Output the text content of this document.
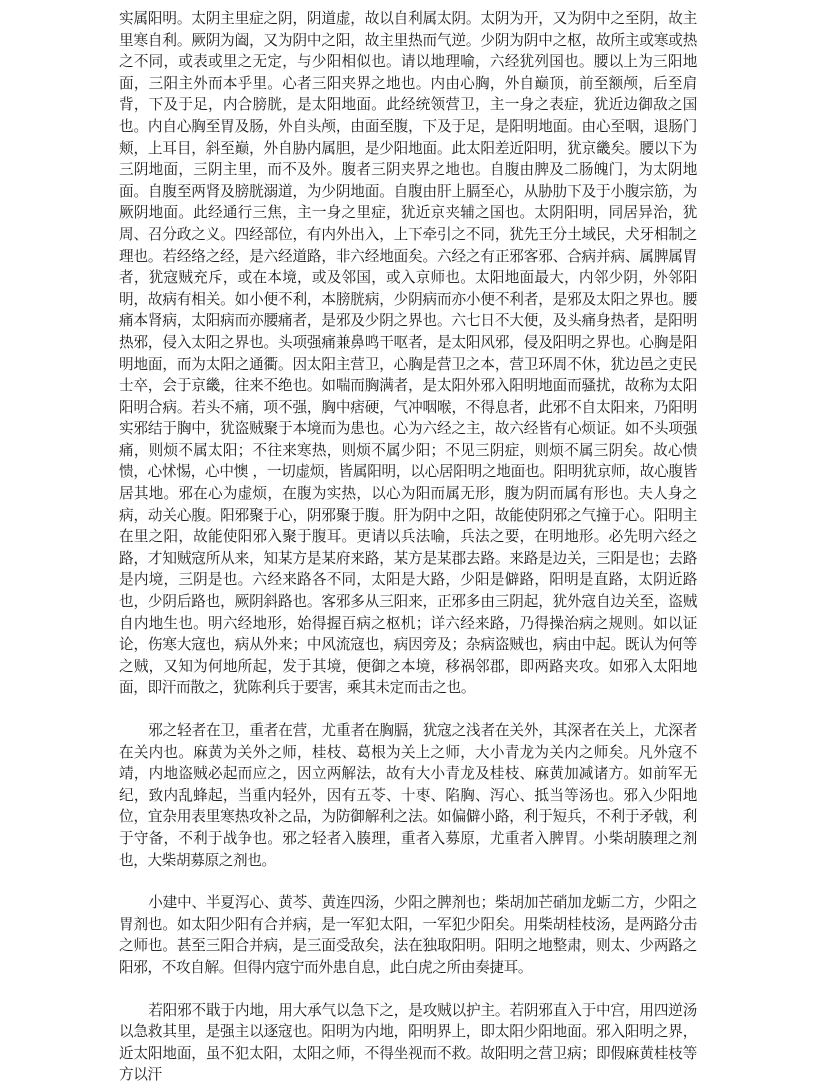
实属阳明。太阴主里症之阴，阴道虚，故以自利属太阴。太阴为开，又为阴中之至阴，故主里寒自利。厥阴为阖，又为阴中之阳，故主里热而气逆。少阴为阴中之枢，故所主或寒或热之不同，或表或里之无定，与少阳相似也。请以地理喻，六经犹列国也。腰以上为三阳地面，三阳主外而本乎里。心者三阳夹界之地也。内由心胸，外自巅顶，前至额颅，后至肩背，下及于足，内合膀胱，是太阳地面。此经统领营卫，主一身之表症，犹近边御敌之国也。内自心胸至胃及肠，外自头颅，由面至腹，下及于足，是阳明地面。由心至咽，退肠门颊，上耳目，斜至巅，外自胁内属胆，是少阳地面。此太阳差近阳明，犹京畿矣。腰以下为三阴地面，三阴主里，而不及外。腹者三阴夹界之地也。自腹由脾及二肠魄门，为太阴地面。自腹至两肾及膀胱溺道，为少阴地面。自腹由肝上膈至心，从胁肋下及于小腹宗筋，为厥阴地面。此经通行三焦，主一身之里症，犹近京夹辅之国也。太阴阳明，同居异治，犹周、召分政之义。四经部位，有内外出入，上下牵引之不同，犹先王分土域民，犬牙相制之理也。若经络之经，是六经道路，非六经地面矣。六经之有正邪客邪、合病并病、属脾属胃者，犹寇贼充斥，或在本境，或及邻国，或入京师也。太阳地面最大，内邻少阴，外邻阳明，故病有相关。如小便不利，本膀胱病，少阴病而亦小便不利者，是邪及太阳之界也。腰痛本肾病，太阳病而亦腰痛者，是邪及少阴之界也。六七日不大便，及头痛身热者，是阳明热邪，侵入太阳之界也。头项强痛兼鼻鸣干呕者，是太阳风邪，侵及阳明之界也。心胸是阳明地面，而为太阳之通衢。因太阳主营卫，心胸是营卫之本，营卫环周不休，犹边邑之吏民士卒，会于京畿，往来不绝也。如喘而胸满者，是太阳外邪入阳明地面而骚扰，故称为太阳阳明合病。若头不痛，项不强，胸中痞硬，气冲咽喉，不得息者，此邪不自太阳来，乃阳明实邪结于胸中，犹盗贼聚于本境而为患也。心为六经之主，故六经皆有心烦证。如不头项强痛，则烦不属太阳；不往来寒热，则烦不属少阳；不见三阴症，则烦不属三阴矣。故心愦愦，心怵惕，心中懊 ，一切虚烦，皆属阳明，以心居阳明之地面也。阳明犹京师，故心腹皆居其地。邪在心为虚烦，在腹为实热，以心为阳而属无形，腹为阴而属有形也。夫人身之病，动关心腹。阳邪聚于心，阴邪聚于腹。肝为阴中之阳，故能使阴邪之气撞于心。阳明主在里之阳，故能使阳邪入聚于腹耳。更请以兵法喻，兵法之要，在明地形。必先明六经之路，才知贼寇所从来，知某方是某府来路，某方是某郡去路。来路是边关，三阳是也；去路是内境，三阴是也。六经来路各不同，太阳是大路，少阳是僻路，阳明是直路，太阴近路也，少阴后路也，厥阴斜路也。客邪多从三阳来，正邪多由三阴起，犹外寇自边关至，盗贼自内地生也。明六经地形，始得握百病之枢机；详六经来路，乃得操治病之规则。如以证论，伤寒大寇也，病从外来；中风流寇也，病因旁及；杂病盗贼也，病由中起。既认为何等之贼，又知为何地所起，发于其境，便御之本境，移祸邻郡，即两路夹攻。如邪入太阳地面，即汗而散之，犹陈利兵于要害，乘其未定而击之也。

邪之轻者在卫，重者在营，尤重者在胸膈，犹寇之浅者在关外，其深者在关上，尤深者在关内也。麻黄为关外之师，桂枝、葛根为关上之师，大小青龙为关内之师矣。凡外寇不靖，内地盗贼必起而应之，因立两解法，故有大小青龙及桂枝、麻黄加减诸方。如前军无纪，致内乱蜂起，当重内轻外，因有五苓、十枣、陷胸、泻心、抵当等汤也。邪入少阳地位，宜杂用表里寒热攻补之品，为防御解利之法。如偏僻小路，利于短兵，不利于矛戟，利于守备，不利于战争也。邪之轻者入腠理，重者入募原，尤重者入脾胃。小柴胡腠理之剂也，大柴胡募原之剂也。

小建中、半夏泻心、黄芩、黄连四汤，少阳之脾剂也；柴胡加芒硝加龙蛎二方，少阳之胃剂也。如太阳少阳有合并病，是一军犯太阳，一军犯少阳矣。用柴胡桂枝汤，是两路分击之师也。甚至三阳合并病，是三面受敌矣，法在独取阳明。阳明之地整肃，则太、少两路之阳邪，不攻自解。但得内寇宁而外患自息，此白虎之所由奏捷耳。

若阳邪不戢于内地，用大承气以急下之，是攻贼以护主。若阴邪直入于中宫，用四逆汤以急救其里，是强主以逐寇也。阳明为内地，阳明界上，即太阳少阳地面。邪入阳明之界，近太阳地面，虽不犯太阳，太阳之师，不得坐视而不救。故阳明之营卫病；即假麻黄桂枝等方以汗
